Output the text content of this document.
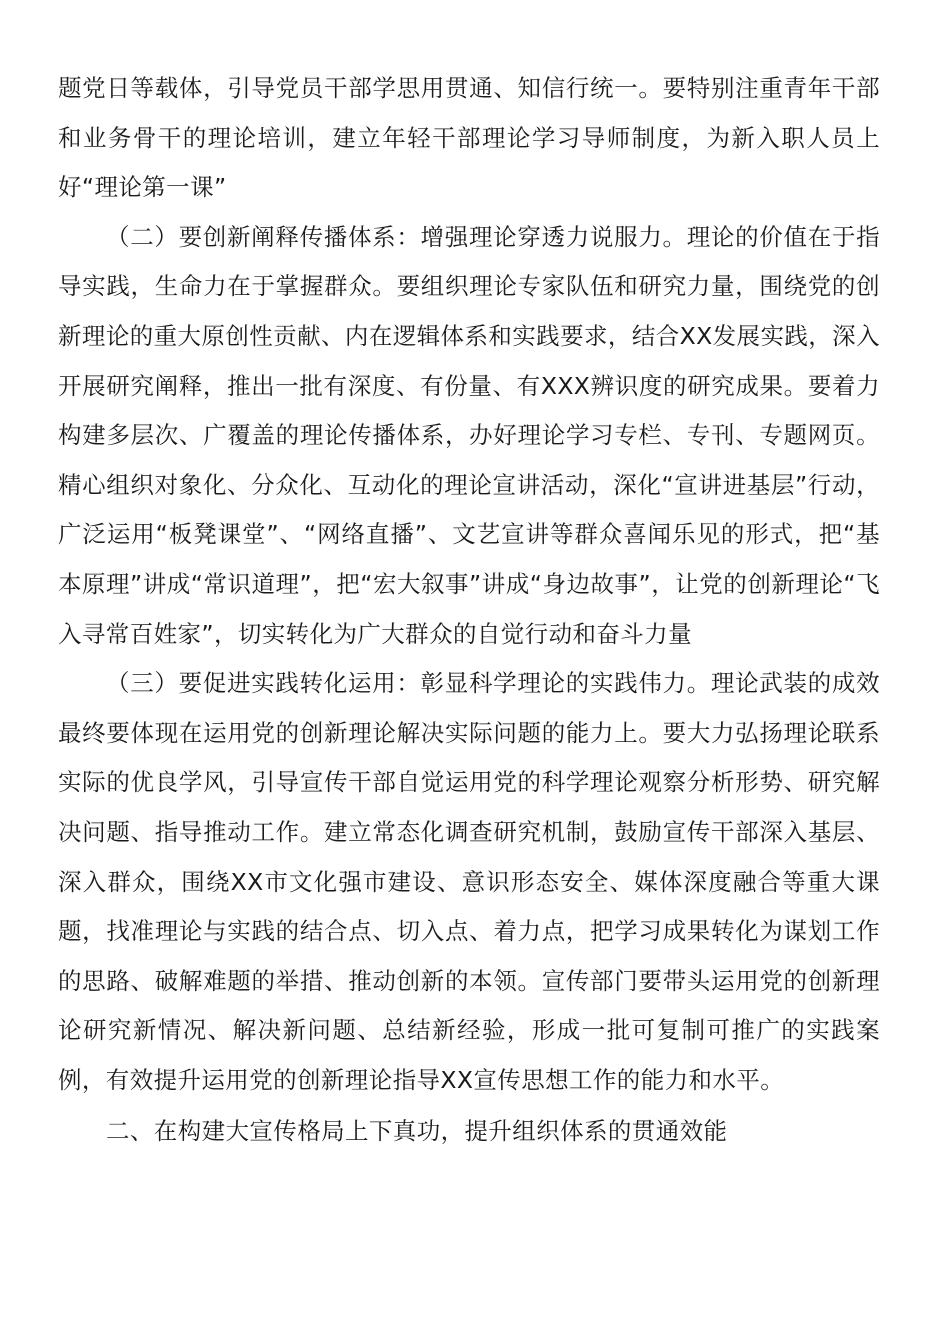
题党日等载体，引导党员干部学思用贯通、知信行统一。要特别注重青年干部和业务骨干的理论培训，建立年轻干部理论学习导师制度，为新入职人员上好“理论第一课”

（二）要创新阐释传播体系：增强理论穿透力说服力。理论的价值在于指导实践，生命力在于掌握群众。要组织理论专家队伍和研究力量，围绕党的创新理论的重大原创性贡献、内在逻辑体系和实践要求，结合XX发展实践，深入开展研究阐释，推出一批有深度、有份量、有XXX辨识度的研究成果。要着力构建多层次、广覆盖的理论传播体系，办好理论学习专栏、专刊、专题网页。精心组织对象化、分众化、互动化的理论宣讲活动，深化“宣讲进基层”行动，广泛运用“板凳课堂”、“网络直播”、文艺宣讲等群众喜闻乐见的形式，把“基本原理”讲成“常识道理”，把“宏大叙事”讲成“身边故事”，让党的创新理论“飞入寻常百姓家”，切实转化为广大群众的自觉行动和奋斗力量

（三）要促进实践转化运用：彰显科学理论的实践伟力。理论武装的成效最终要体现在运用党的创新理论解决实际问题的能力上。要大力弘扬理论联系实际的优良学风，引导宣传干部自觉运用党的科学理论观察分析形势、研究解决问题、指导推动工作。建立常态化调查研究机制，鼓励宣传干部深入基层、深入群众，围绕XX市文化强市建设、意识形态安全、媒体深度融合等重大课题，找准理论与实践的结合点、切入点、着力点，把学习成果转化为谋划工作的思路、破解难题的举措、推动创新的本领。宣传部门要带头运用党的创新理论研究新情况、解决新问题、总结新经验，形成一批可复制可推广的实践案例，有效提升运用党的创新理论指导XX宣传思想工作的能力和水平。

二、在构建大宣传格局上下真功，提升组织体系的贯通效能
